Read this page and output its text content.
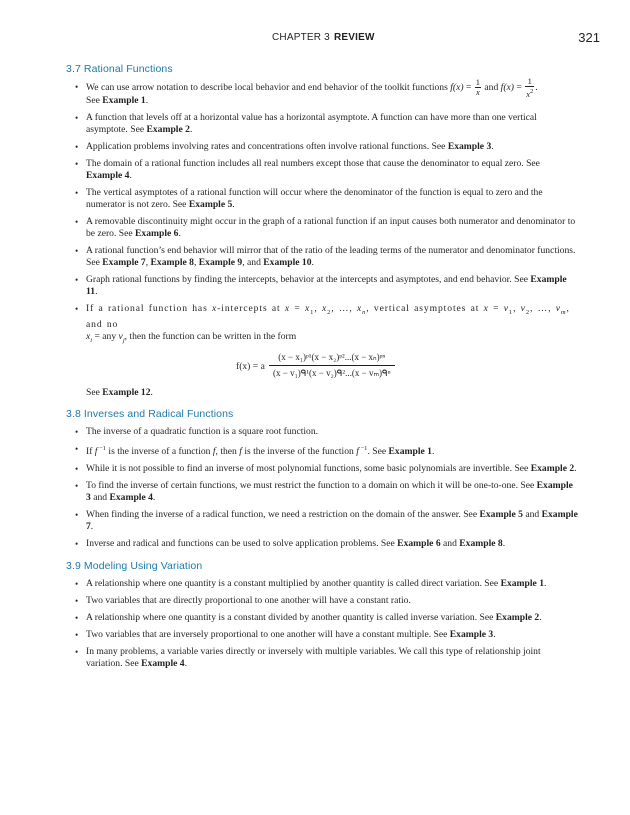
CHAPTER 3 REVIEW	321
3.7 Rational Functions
• We can use arrow notation to describe local behavior and end behavior of the toolkit functions $f(x) = \frac{1}{x}$ and $f(x) = \frac{1}{x^2}$ .
See Example 1.
• A function that levels off at a horizontal value has a horizontal asymptote. A function can have more than one vertical asymptote. See Example 2.
• Application problems involving rates and concentrations often involve rational functions. See Example 3.
• The domain of a rational function includes all real numbers except those that cause the denominator to equal zero. See Example 4.
• The vertical asymptotes of a rational function will occur where the denominator of the function is equal to zero and the numerator is not zero. See Example 5.
• A removable discontinuity might occur in the graph of a rational function if an input causes both numerator and denominator to be zero. See Example 6.
• A rational function’s end behavior will mirror that of the ratio of the leading terms of the numerator and denominator functions. See Example 7, Example 8, Example 9, and Example 10.
• Graph rational functions by finding the intercepts, behavior at the intercepts and asymptotes, and end behavior. See Example 11.
• If a rational function has x-intercepts at $x = x_1$, $x_2$, …, $x_n$, vertical asymptotes at $x = v_1$, $v_2$, …, $v_m$, and no
$x_i$ = any $v_j$, then the function can be written in the form
f(x) = a
(x − x₁)ᵖ¹(x − x₂)ᵖ²...(x − xₙ)ᵖⁿ
(x − v₁)ᑫ¹(x − v₂)ᑫ²...(x − vₘ)ᑫⁿ
See Example 12.
3.8 Inverses and Radical Functions
• The inverse of a quadratic function is a square root function.
• If f $^{-1}$ is the inverse of a function f, then f is the inverse of the function f $^{-1}$. See Example 1.
• While it is not possible to find an inverse of most polynomial functions, some basic polynomials are invertible. See Example 2.
• To find the inverse of certain functions, we must restrict the function to a domain on which it will be one-to-one. See Example 3 and Example 4.
• When finding the inverse of a radical function, we need a restriction on the domain of the answer. See Example 5 and Example 7.
• Inverse and radical and functions can be used to solve application problems. See Example 6 and Example 8.
3.9 Modeling Using Variation
• A relationship where one quantity is a constant multiplied by another quantity is called direct variation. See Example 1.
• Two variables that are directly proportional to one another will have a constant ratio.
• A relationship where one quantity is a constant divided by another quantity is called inverse variation. See Example 2.
• Two variables that are inversely proportional to one another will have a constant multiple. See Example 3.
• In many problems, a variable varies directly or inversely with multiple variables. We call this type of relationship joint variation. See Example 4.
